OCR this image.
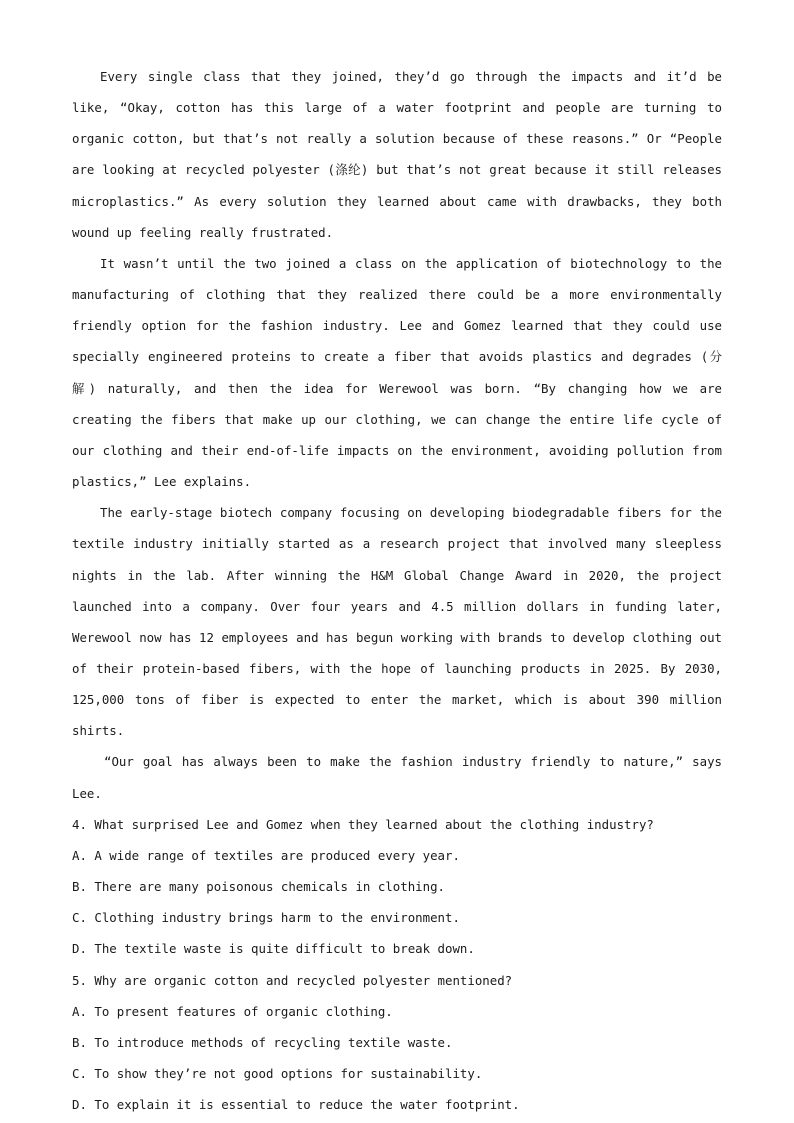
Every single class that they joined, they’d go through the impacts and it’d be like, “Okay, cotton has this large of a water footprint and people are turning to organic cotton, but that’s not really a solution because of these reasons.” Or “People are looking at recycled polyester (涤纶) but that’s not great because it still releases microplastics.” As every solution they learned about came with drawbacks, they both wound up feeling really frustrated.

It wasn’t until the two joined a class on the application of biotechnology to the manufacturing of clothing that they realized there could be a more environmentally friendly option for the fashion industry. Lee and Gomez learned that they could use specially engineered proteins to create a fiber that avoids plastics and degrades (分解) naturally, and then the idea for Werewool was born. “By changing how we are creating the fibers that make up our clothing, we can change the entire life cycle of our clothing and their end-of-life impacts on the environment, avoiding pollution from plastics,” Lee explains.

The early-stage biotech company focusing on developing biodegradable fibers for the textile industry initially started as a research project that involved many sleepless nights in the lab. After winning the H&M Global Change Award in 2020, the project launched into a company. Over four years and 4.5 million dollars in funding later, Werewool now has 12 employees and has begun working with brands to develop clothing out of their protein-based fibers, with the hope of launching products in 2025. By 2030, 125,000 tons of fiber is expected to enter the market, which is about 390 million shirts.

“Our goal has always been to make the fashion industry friendly to nature,” says Lee.

4. What surprised Lee and Gomez when they learned about the clothing industry?

A. A wide range of textiles are produced every year.

B. There are many poisonous chemicals in clothing.

C. Clothing industry brings harm to the environment.

D. The textile waste is quite difficult to break down.

5. Why are organic cotton and recycled polyester mentioned?

A. To present features of organic clothing.

B. To introduce methods of recycling textile waste.

C. To show they’re not good options for sustainability.

D. To explain it is essential to reduce the water footprint.
